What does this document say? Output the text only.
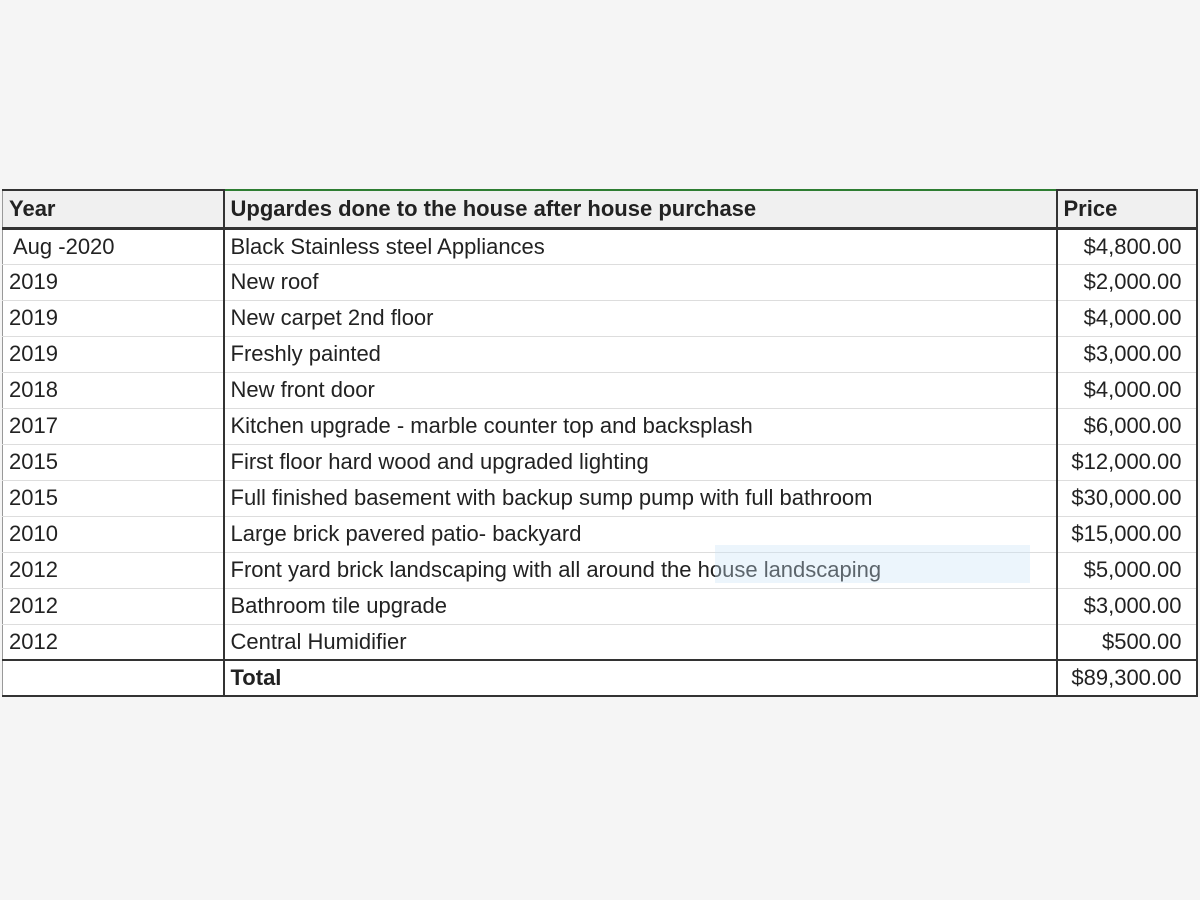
Year	Upgardes done to the house after house purchase	Price
Aug -2020	Black Stainless steel Appliances	$4,800.00
2019	New roof	$2,000.00
2019	New carpet 2nd floor	$4,000.00
2019	Freshly painted	$3,000.00
2018	New front door	$4,000.00
2017	Kitchen upgrade - marble counter top and backsplash	$6,000.00
2015	First floor hard wood and upgraded lighting	$12,000.00
2015	Full finished basement with backup sump pump with full bathroom	$30,000.00
2010	Large brick pavered patio- backyard	$15,000.00
2012	Front yard brick landscaping with all around the house landscaping	$5,000.00
2012	Bathroom tile upgrade	$3,000.00
2012	Central Humidifier	$500.00
	Total	$89,300.00
